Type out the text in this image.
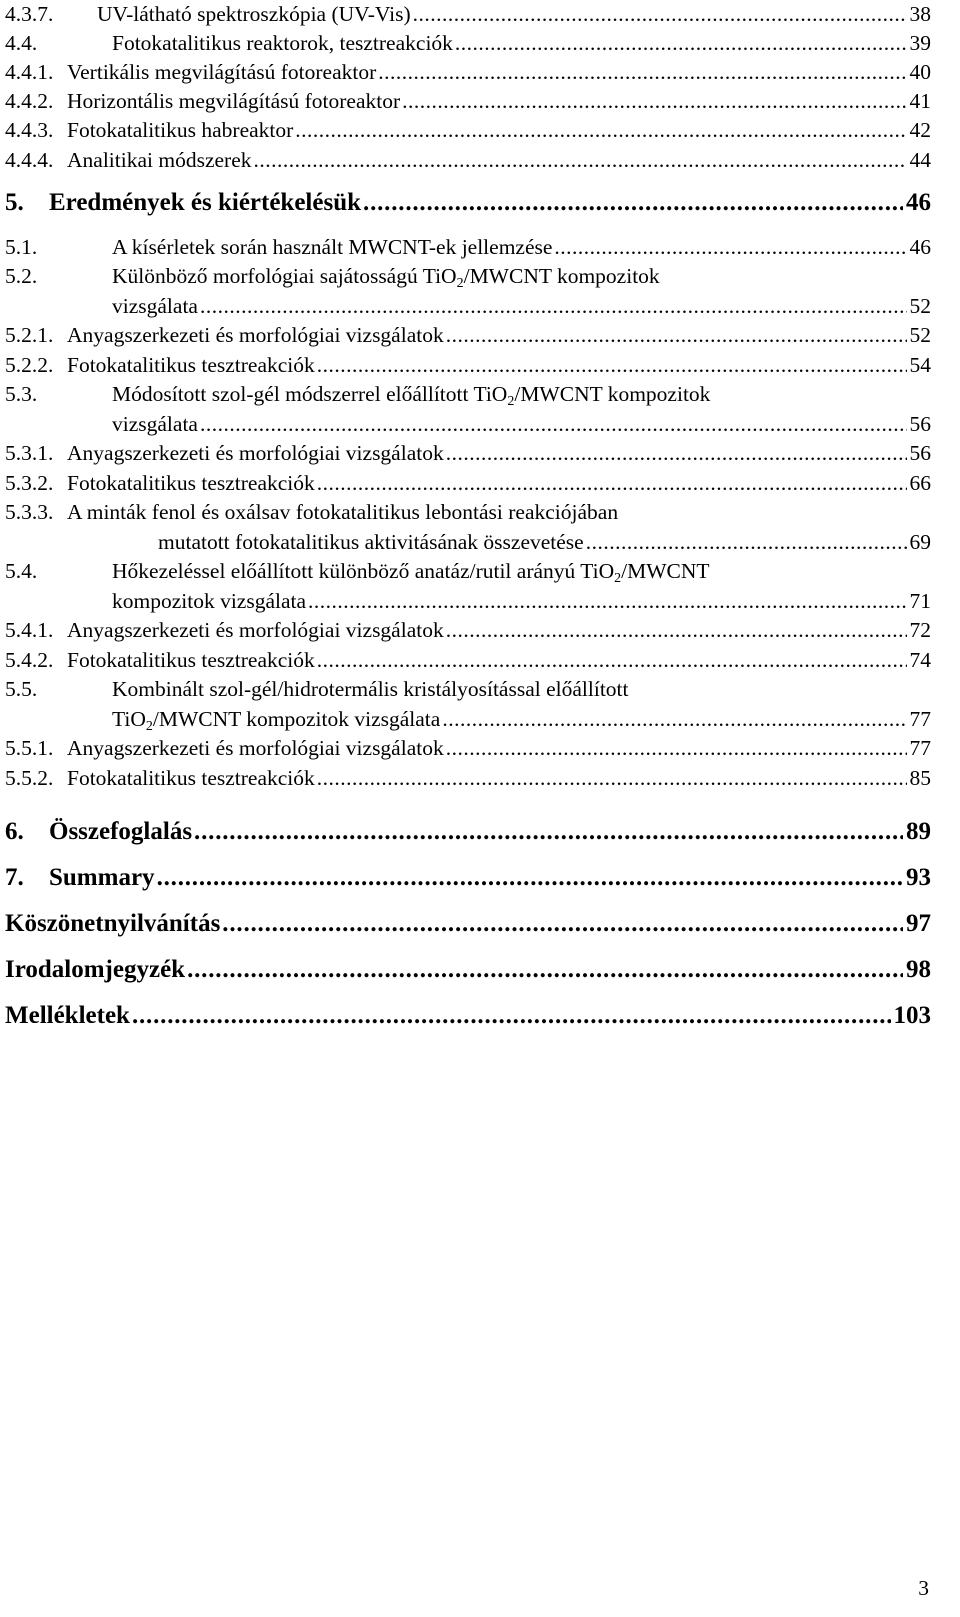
4.3.7.	UV-látható spektroszkópia (UV-Vis) .....	38
4.4.	Fotokatalitikus reaktorok, tesztreakciók .....	39
4.4.1. Vertikális megvilágítású fotoreaktor .....	40
4.4.2. Horizontális megvilágítású fotoreaktor .....	41
4.4.3. Fotokatalitikus habreaktor .....	42
4.4.4. Analitikai módszerek .....	44
5.	Eredmények és kiértékelésük .....	46
5.1.	A kísérletek során használt MWCNT-ek jellemzése .....	46
5.2.	Különböző morfológiai sajátosságú TiO$_2$/MWCNT kompozitok
vizsgálata .....	52
5.2.1. Anyagszerkezeti és morfológiai vizsgálatok .....	52
5.2.2. Fotokatalitikus tesztreakciók .....	54
5.3.	Módosított szol-gél módszerrel előállított TiO$_2$/MWCNT kompozitok
vizsgálata .....	56
5.3.1. Anyagszerkezeti és morfológiai vizsgálatok .....	56
5.3.2. Fotokatalitikus tesztreakciók .....	66
5.3.3. A minták fenol és oxálsav fotokatalitikus lebontási reakciójában
mutatott fotokatalitikus aktivitásának összevetése .....	69
5.4.	Hőkezeléssel előállított különböző anatáz/rutil arányú TiO$_2$/MWCNT
kompozitok vizsgálata .....	71
5.4.1. Anyagszerkezeti és morfológiai vizsgálatok .....	72
5.4.2. Fotokatalitikus tesztreakciók .....	74
5.5.	Kombinált szol-gél/hidrotermális kristályosítással előállított
TiO$_2$/MWCNT kompozitok vizsgálata .....	77
5.5.1. Anyagszerkezeti és morfológiai vizsgálatok .....	77
5.5.2. Fotokatalitikus tesztreakciók .....	85
6.	Összefoglalás .....	89
7.	Summary .....	93
Köszönetnyilvánítás .....	97
Irodalomjegyzék .....	98
Mellékletek .....	103
3
